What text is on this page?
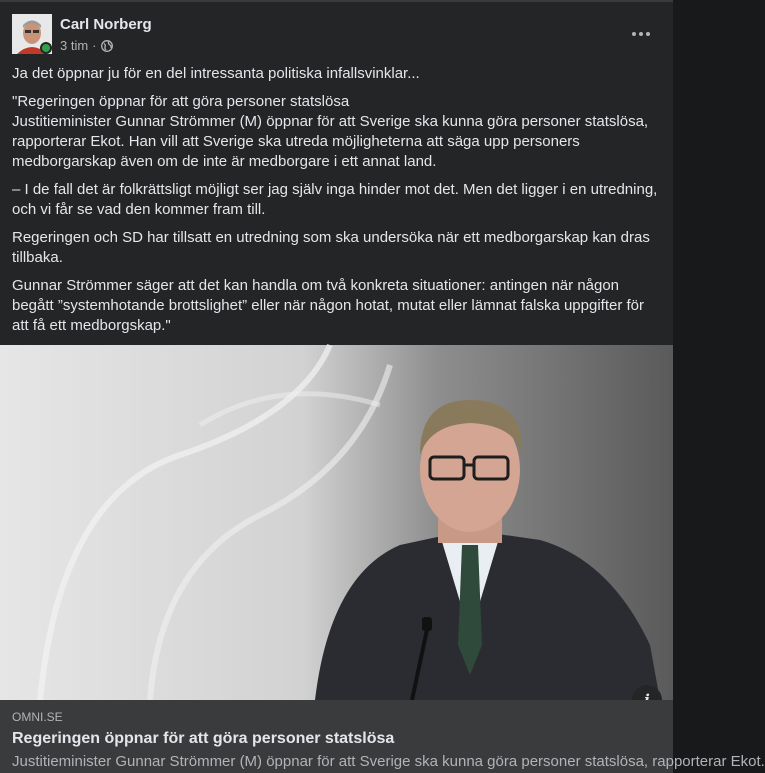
Carl Norberg
3 tim ·

Ja det öppnar ju för en del intressanta politiska infallsvinklar...

"Regeringen öppnar för att göra personer statslösa

Justitieminister Gunnar Strömmer (M) öppnar för att Sverige ska kunna göra personer statslösa, rapporterar Ekot. Han vill att Sverige ska utreda möjligheterna att säga upp personers medborgarskap även om de inte är medborgare i ett annat land.

– I de fall det är folkrättsligt möjligt ser jag själv inga hinder mot det. Men det ligger i en utredning, och vi får se vad den kommer fram till.

Regeringen och SD har tillsatt en utredning som ska undersöka när ett medborgarskap kan dras tillbaka.

Gunnar Strömmer säger att det kan handla om två konkreta situationer: antingen när någon begått ”systemhotande brottslighet” eller när någon hotat, mutat eller lämnat falska uppgifter för att få ett medborgskap."

OMNI.SE
Regeringen öppnar för att göra personer statslösa
Justitieminister Gunnar Strömmer (M) öppnar för att Sverige ska kunna göra personer statslösa, rapporterar Ekot.
